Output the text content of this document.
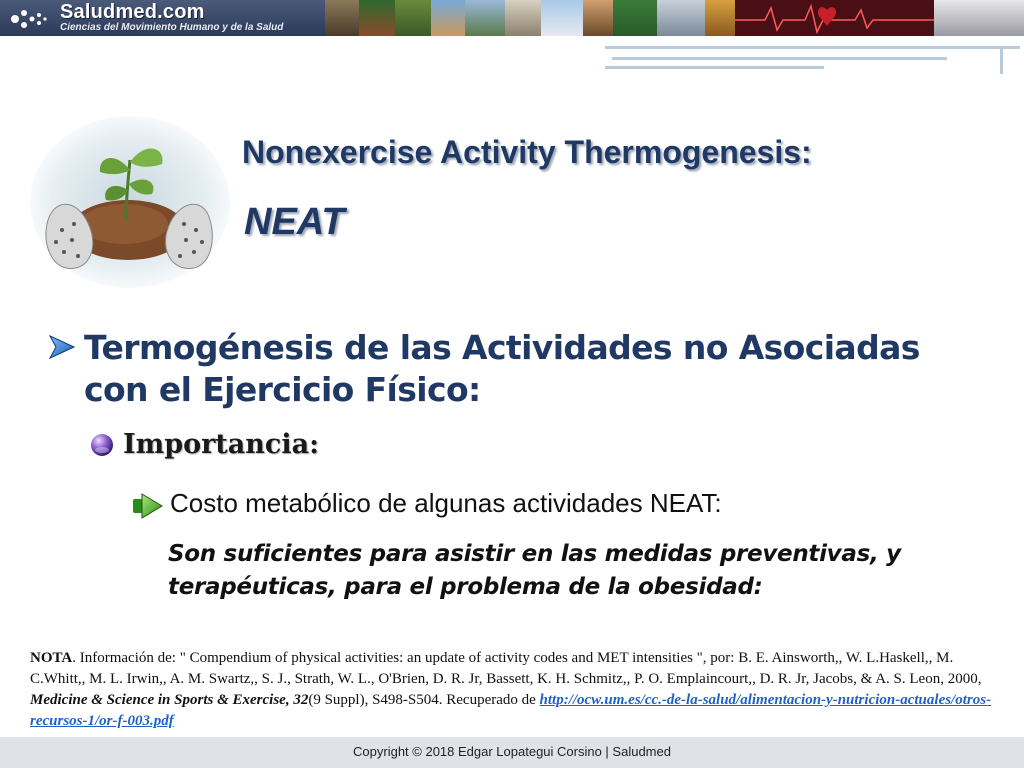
Saludmed.com
Ciencias del Movimiento Humano y de la Salud
Nonexercise Activity Thermogenesis:
NEAT

Termogénesis de las Actividades no Asociadas con el Ejercicio Físico:

Importancia:

Costo metabólico de algunas actividades NEAT:

Son suficientes para asistir en las medidas preventivas, y terapéuticas, para el problema de la obesidad:

NOTA. Información de: " Compendium of physical activities: an update of activity codes and MET intensities ", por: B. E. Ainsworth,, W. L.Haskell,, M. C.Whitt,, M. L. Irwin,, A. M. Swartz,, S. J., Strath, W. L., O'Brien, D. R. Jr, Bassett, K. H. Schmitz,, P. O. Emplaincourt,, D. R. Jr, Jacobs, & A. S. Leon, 2000, Medicine & Science in Sports & Exercise, 32(9 Suppl), S498-S504. Recuperado de http://ocw.um.es/cc.-de-la-salud/alimentacion-y-nutricion-actuales/otros-recursos-1/or-f-003.pdf

Copyright © 2018 Edgar Lopategui Corsino | Saludmed
